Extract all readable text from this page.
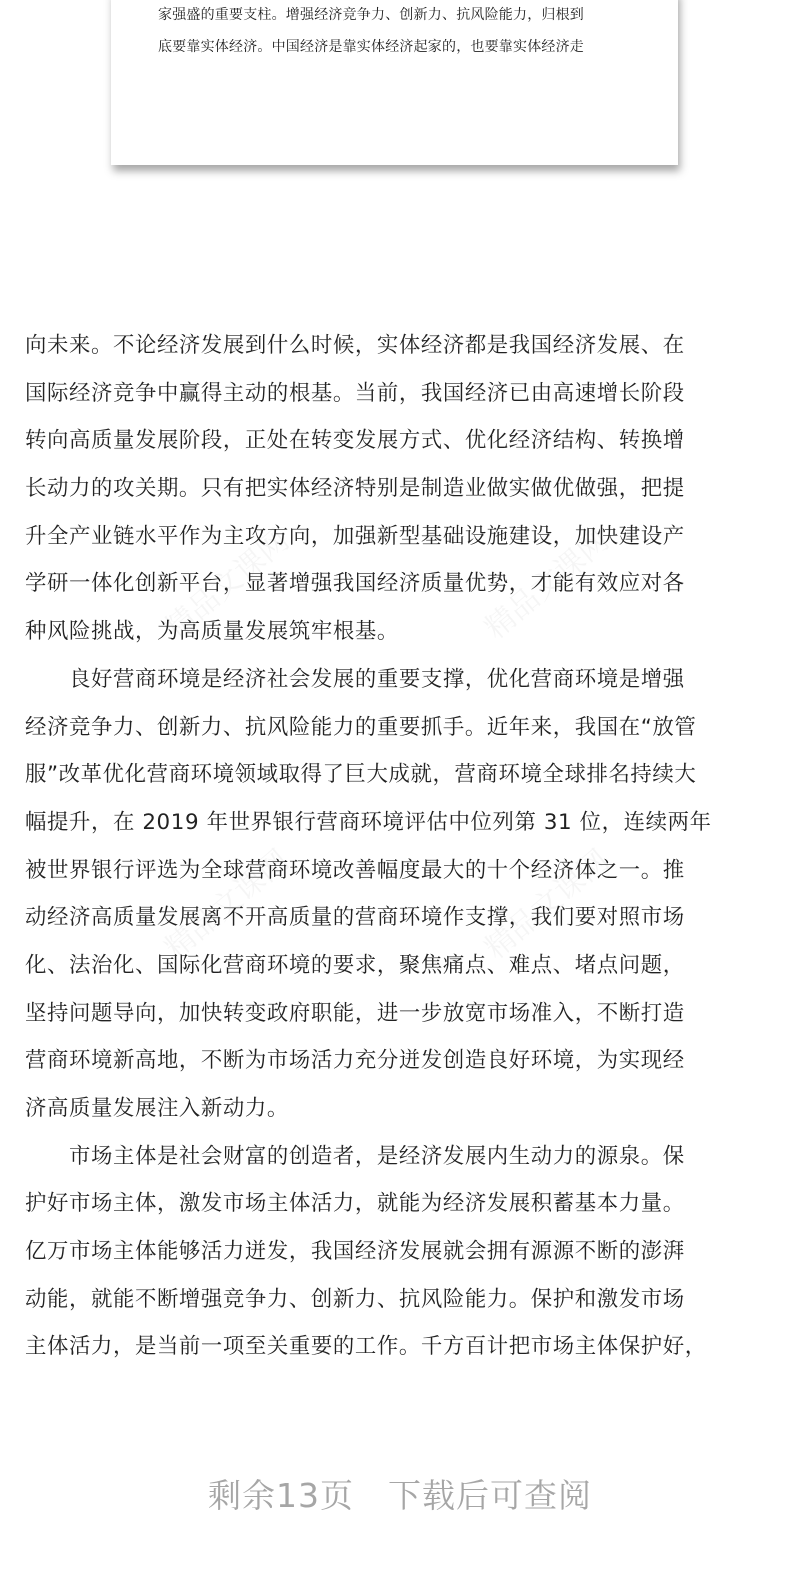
家强盛的重要支柱。增强经济竞争力、创新力、抗风险能力，归根到
底要靠实体经济。中国经济是靠实体经济起家的，也要靠实体经济走
向未来。不论经济发展到什么时候，实体经济都是我国经济发展、在
国际经济竞争中赢得主动的根基。当前，我国经济已由高速增长阶段
转向高质量发展阶段，正处在转变发展方式、优化经济结构、转换增
长动力的攻关期。只有把实体经济特别是制造业做实做优做强，把提
升全产业链水平作为主攻方向，加强新型基础设施建设，加快建设产
学研一体化创新平台，显著增强我国经济质量优势，才能有效应对各
种风险挑战，为高质量发展筑牢根基。
　　良好营商环境是经济社会发展的重要支撑，优化营商环境是增强
经济竞争力、创新力、抗风险能力的重要抓手。近年来，我国在“放管
服”改革优化营商环境领域取得了巨大成就，营商环境全球排名持续大
幅提升，在 2019 年世界银行营商环境评估中位列第 31 位，连续两年
被世界银行评选为全球营商环境改善幅度最大的十个经济体之一。推
动经济高质量发展离不开高质量的营商环境作支撑，我们要对照市场
化、法治化、国际化营商环境的要求，聚焦痛点、难点、堵点问题，
坚持问题导向，加快转变政府职能，进一步放宽市场准入，不断打造
营商环境新高地，不断为市场活力充分迸发创造良好环境，为实现经
济高质量发展注入新动力。
　　市场主体是社会财富的创造者，是经济发展内生动力的源泉。保
护好市场主体，激发市场主体活力，就能为经济发展积蓄基本力量。
亿万市场主体能够活力迸发，我国经济发展就会拥有源源不断的澎湃
动能，就能不断增强竞争力、创新力、抗风险能力。保护和激发市场
主体活力，是当前一项至关重要的工作。千方百计把市场主体保护好，
剩余13页　下载后可查阅
